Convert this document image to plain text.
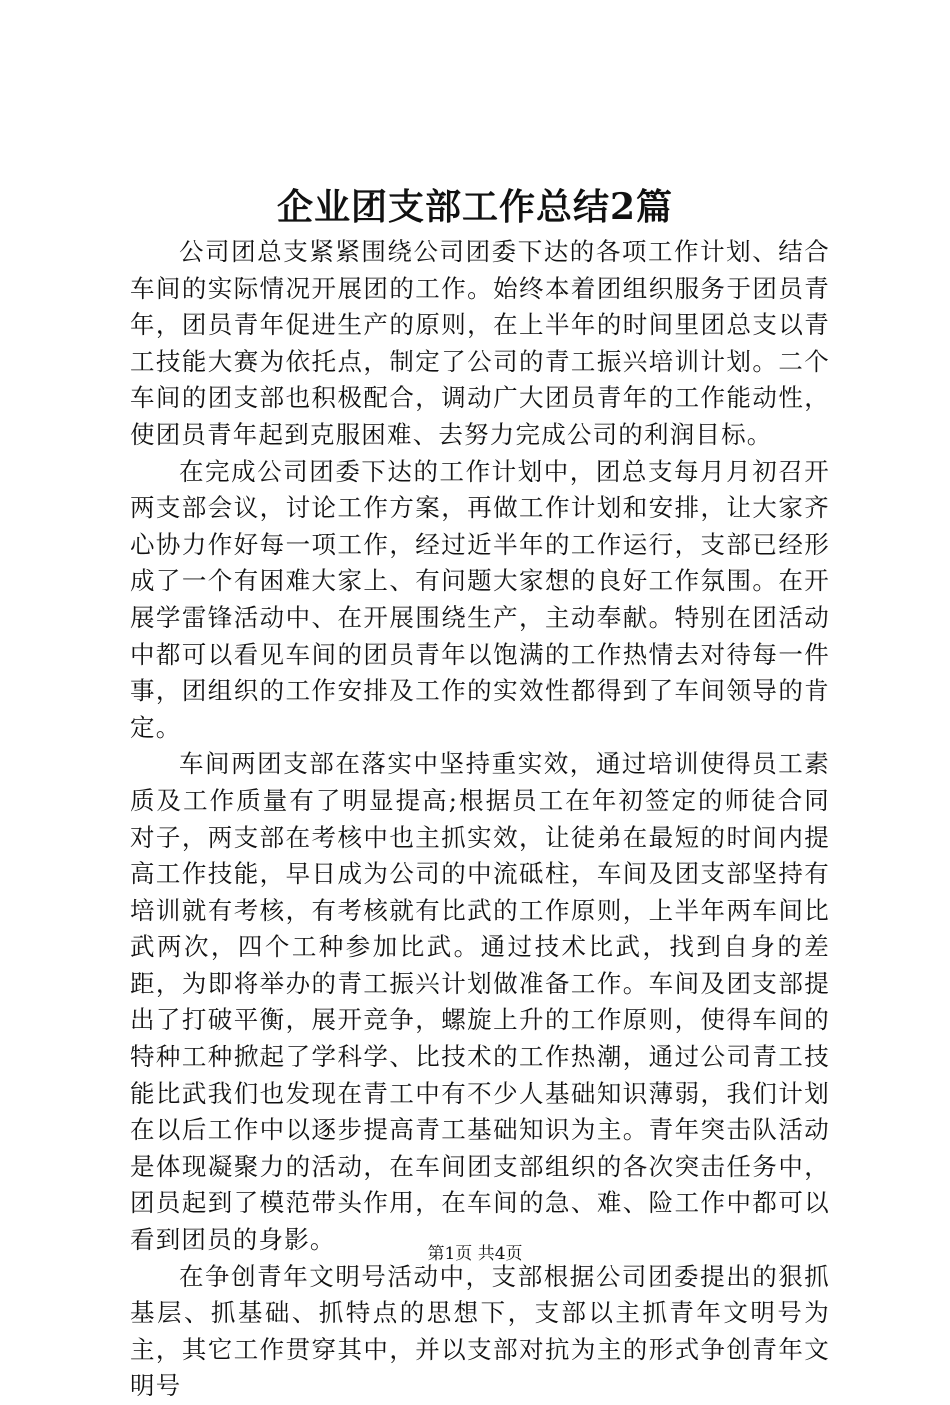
企业团支部工作总结2篇

公司团总支紧紧围绕公司团委下达的各项工作计划、结合车间的实际情况开展团的工作。始终本着团组织服务于团员青年，团员青年促进生产的原则，在上半年的时间里团总支以青工技能大赛为依托点，制定了公司的青工振兴培训计划。二个车间的团支部也积极配合，调动广大团员青年的工作能动性，使团员青年起到克服困难、去努力完成公司的利润目标。

在完成公司团委下达的工作计划中，团总支每月月初召开两支部会议，讨论工作方案，再做工作计划和安排，让大家齐心协力作好每一项工作，经过近半年的工作运行，支部已经形成了一个有困难大家上、有问题大家想的良好工作氛围。在开展学雷锋活动中、在开展围绕生产，主动奉献。特别在团活动中都可以看见车间的团员青年以饱满的工作热情去对待每一件事，团组织的工作安排及工作的实效性都得到了车间领导的肯定。

车间两团支部在落实中坚持重实效，通过培训使得员工素质及工作质量有了明显提高;根据员工在年初签定的师徒合同对子，两支部在考核中也主抓实效，让徒弟在最短的时间内提高工作技能，早日成为公司的中流砥柱，车间及团支部坚持有培训就有考核，有考核就有比武的工作原则，上半年两车间比武两次，四个工种参加比武。通过技术比武，找到自身的差距，为即将举办的青工振兴计划做准备工作。车间及团支部提出了打破平衡，展开竞争，螺旋上升的工作原则，使得车间的特种工种掀起了学科学、比技术的工作热潮，通过公司青工技能比武我们也发现在青工中有不少人基础知识薄弱，我们计划在以后工作中以逐步提高青工基础知识为主。青年突击队活动是体现凝聚力的活动，在车间团支部组织的各次突击任务中，团员起到了模范带头作用，在车间的急、难、险工作中都可以看到团员的身影。

在争创青年文明号活动中，支部根据公司团委提出的狠抓基层、抓基础、抓特点的思想下，支部以主抓青年文明号为主，其它工作贯穿其中，并以支部对抗为主的形式争创青年文明号

第1页 共4页
